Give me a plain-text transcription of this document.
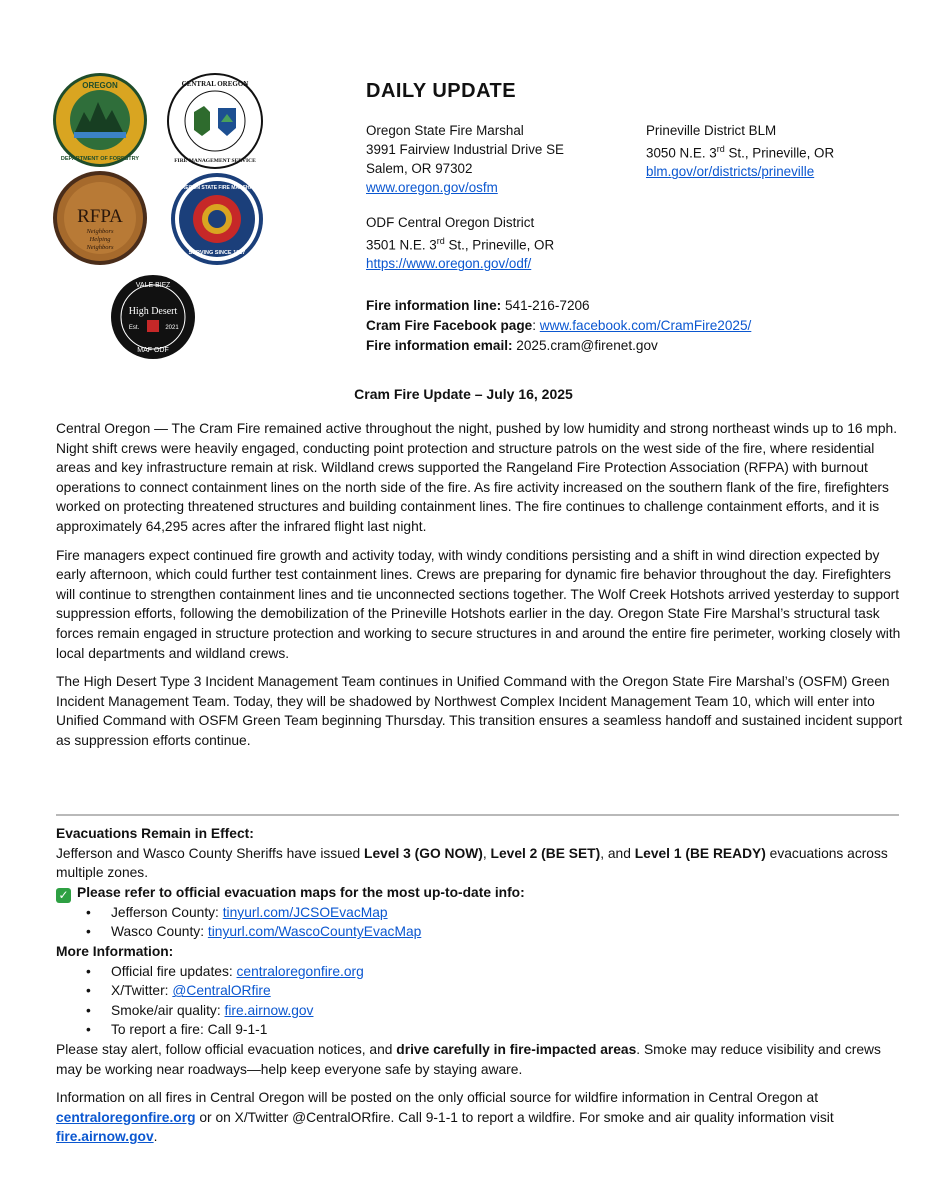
OREGON
DEPARTMENT OF FORESTRY
CENTRAL OREGON
FIRE MANAGEMENT SERVICE
RFPA
Neighbors
Helping
Neighbors
OREGON STATE FIRE MARSHAL
SERVING SINCE 1917
VALE BIFZ
High Desert
Est.	2021
MAF ODF
DAILY UPDATE
Oregon State Fire Marshal
3991 Fairview Industrial Drive SE
Salem, OR 97302
www.oregon.gov/osfm
Prineville District BLM
3050 N.E. 3rd St., Prineville, OR
blm.gov/or/districts/prineville
ODF Central Oregon District
3501 N.E. 3rd St., Prineville, OR
https://www.oregon.gov/odf/
Fire information line: 541-216-7206
Cram Fire Facebook page: www.facebook.com/CramFire2025/
Fire information email: 2025.cram@firenet.gov
Cram Fire Update – July 16, 2025

Central Oregon — The Cram Fire remained active throughout the night, pushed by low humidity and strong northeast winds up to 16 mph. Night shift crews were heavily engaged, conducting point protection and structure patrols on the west side of the fire, where residential areas and key infrastructure remain at risk. Wildland crews supported the Rangeland Fire Protection Association (RFPA) with burnout operations to connect containment lines on the north side of the fire. As fire activity increased on the southern flank of the fire, firefighters worked on protecting threatened structures and building containment lines. The fire continues to challenge containment efforts, and it is approximately 64,295 acres after the infrared flight last night.

Fire managers expect continued fire growth and activity today, with windy conditions persisting and a shift in wind direction expected by early afternoon, which could further test containment lines. Crews are preparing for dynamic fire behavior throughout the day. Firefighters will continue to strengthen containment lines and tie unconnected sections together. The Wolf Creek Hotshots arrived yesterday to support suppression efforts, following the demobilization of the Prineville Hotshots earlier in the day. Oregon State Fire Marshal’s structural task forces remain engaged in structure protection and working to secure structures in and around the entire fire perimeter, working closely with local departments and wildland crews.

The High Desert Type 3 Incident Management Team continues in Unified Command with the Oregon State Fire Marshal’s (OSFM) Green Incident Management Team. Today, they will be shadowed by Northwest Complex Incident Management Team 10, which will enter into Unified Command with OSFM Green Team beginning Thursday. This transition ensures a seamless handoff and sustained incident support as suppression efforts continue.

Evacuations Remain in Effect:

Jefferson and Wasco County Sheriffs have issued Level 3 (GO NOW), Level 2 (BE SET), and Level 1 (BE READY) evacuations across multiple zones.

✓ Please refer to official evacuation maps for the most up-to-date info:

• Jefferson County: tinyurl.com/JCSOEvacMap
• Wasco County: tinyurl.com/WascoCountyEvacMap

More Information:

• Official fire updates: centraloregonfire.org
• X/Twitter: @CentralORfire
• Smoke/air quality: fire.airnow.gov
• To report a fire: Call 9-1-1

Please stay alert, follow official evacuation notices, and drive carefully in fire-impacted areas. Smoke may reduce visibility and crews may be working near roadways—help keep everyone safe by staying aware.

Information on all fires in Central Oregon will be posted on the only official source for wildfire information in Central Oregon at centraloregonfire.org or on X/Twitter @CentralORfire. Call 9-1-1 to report a wildfire. For smoke and air quality information visit fire.airnow.gov.
